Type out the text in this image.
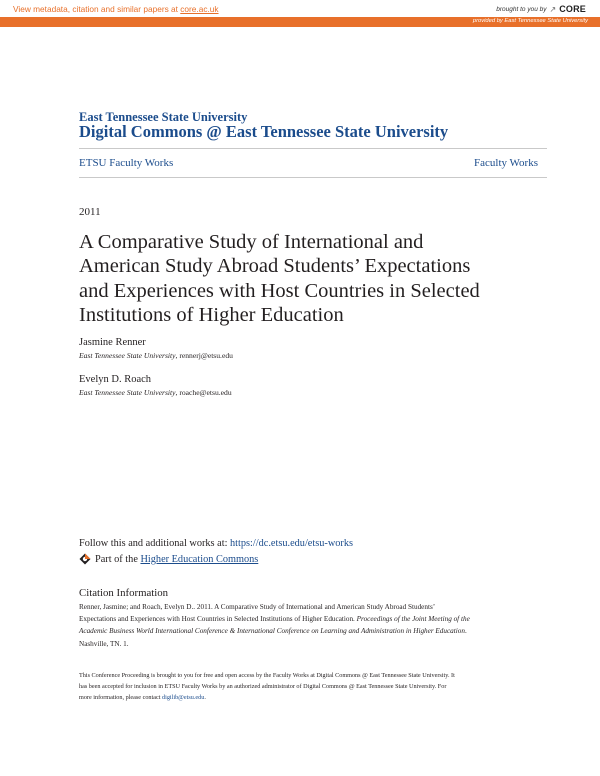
View metadata, citation and similar papers at core.ac.uk	brought to you by ↗ CORE
provided by East Tennessee State University
East Tennessee State University
Digital Commons @ East Tennessee State University
ETSU Faculty Works	Faculty Works
2011
A Comparative Study of International and
American Study Abroad Students’ Expectations
and Experiences with Host Countries in Selected
Institutions of Higher Education
Jasmine Renner
East Tennessee State University, rennerj@etsu.edu
Evelyn D. Roach
East Tennessee State University, roache@etsu.edu
Follow this and additional works at: https://dc.etsu.edu/etsu-works
Part of the Higher Education Commons
Citation Information
Renner, Jasmine; and Roach, Evelyn D.. 2011. A Comparative Study of International and American Study Abroad Students’
Expectations and Experiences with Host Countries in Selected Institutions of Higher Education. Proceedings of the Joint Meeting of the
Academic Business World International Conference & International Conference on Learning and Administration in Higher Education.
Nashville, TN. 1.
This Conference Proceeding is brought to you for free and open access by the Faculty Works at Digital Commons @ East Tennessee State University. It
has been accepted for inclusion in ETSU Faculty Works by an authorized administrator of Digital Commons @ East Tennessee State University. For
more information, please contact digilib@etsu.edu.
